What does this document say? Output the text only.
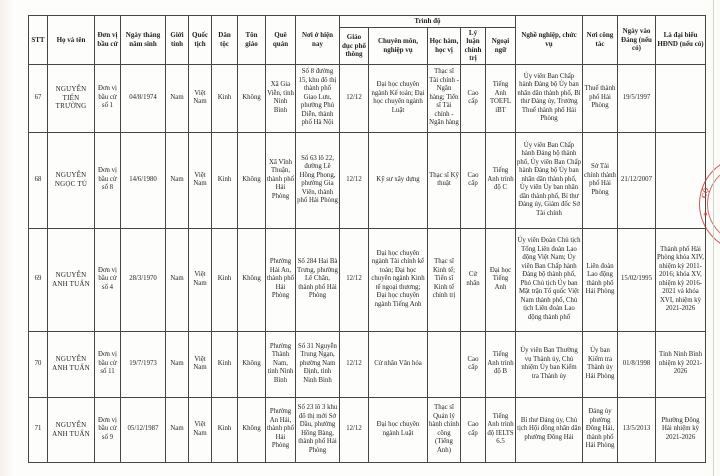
STT	Họ và tên	Đơn vị bầu cử	Ngày tháng năm sinh	Giới tính	Quốc tịch	Dân tộc	Tôn giáo	Quê quán	Nơi ở hiện nay	Trình độ					Nghề nghiệp, chức vụ	Nơi công tác	Ngày vào Đảng (nếu có)	Là đại biểu HĐND (nếu có)
										Giáo dục phổ thông	Chuyên môn, nghiệp vụ	Học hàm, học vị	Lý luận chính trị	Ngoại ngữ				
67	NGUYỄN TIẾN TRƯỜNG	Đơn vị bầu cử số 1	04/8/1974	Nam	Việt Nam	Kinh	Không	Xã Gia Viễn, tỉnh Ninh Bình	Số 8 đường 15, khu đô thị thành phố Giao Lưu, phường Phú Diễn, thành phố Hà Nội	12/12	Đại học chuyên ngành Kế toán; Đại học chuyên ngành Luật	Thạc sĩ Tài chính - Ngân hàng; Tiến sĩ Tài chính - Ngân hàng	Cao cấp	Tiếng Anh TOEFL iBT	Ủy viên Ban Chấp hành Đảng bộ Ủy ban nhân dân thành phố, Bí thư Đảng ủy, Trưởng Thuế thành phố Hải Phòng	Thuế thành phố Hải Phòng	19/5/1997	
68	NGUYỄN NGỌC TÚ	Đơn vị bầu cử số 8	14/6/1980	Nam	Việt Nam	Kinh	Không	Xã Vĩnh Thuận, thành phố Hải Phòng	Số 63 lô 22, đường Lê Hồng Phong, phường Gia Viên, thành phố Hải Phòng	12/12	Kỹ sư xây dựng	Thạc sĩ Kỹ thuật	Cao cấp	Tiếng Anh trình độ C	Ủy viên Ban Chấp hành Đảng bộ thành phố, Ủy viên Ban Chấp hành Đảng bộ Ủy ban nhân dân thành phố, Ủy viên Ủy ban nhân dân thành phố, Bí thư Đảng ủy, Giám đốc Sở Tài chính	Sở Tài chính thành phố Hải Phòng	21/12/2007	
69	NGUYỄN ANH TUẤN	Đơn vị bầu cử số 4	28/3/1970	Nam	Việt Nam	Kinh	Không	Phường Hải An, thành phố Hải Phòng	Số 284 Hai Bà Trưng, phường Lê Chân, thành phố Hải Phòng	12/12	Đại học chuyên ngành Tài chính kế toán; Đại học chuyên ngành Kinh tế ngoại thương; Đại học chuyên ngành Tiếng Anh	Thạc sĩ Kinh tế; Tiến sĩ Kinh tế chính trị	Cử nhân	Đại học Tiếng Anh	Ủy viên Đoàn Chủ tịch Tổng Liên đoàn Lao động Việt Nam; Ủy viên Ban Chấp hành Đảng bộ thành phố, Phó Chủ tịch Ủy ban Mặt trận Tổ quốc Việt Nam thành phố, Chủ tịch Liên đoàn Lao động thành phố	Liên đoàn Lao động thành phố Hải Phòng	15/02/1995	Thành phố Hải Phòng khóa XIV, nhiệm kỳ 2011-2016; khóa XV, nhiệm kỳ 2016-2021 và khóa XVI, nhiệm kỳ 2021-2026
70	NGUYỄN ANH TUẤN	Đơn vị bầu cử số 11	19/7/1973	Nam	Việt Nam	Kinh	Không	Phường Thành Nam, tỉnh Ninh Bình	Số 31 Nguyễn Trung Ngạn, phường Nam Định, tỉnh Ninh Bình	12/12	Cử nhân Văn hóa		Cao cấp	Tiếng Anh trình độ B	Ủy viên Ban Thường vụ Thành ủy, Chủ nhiệm Ủy ban Kiểm tra Thành ủy	Ủy ban Kiểm tra Thành ủy Hải Phòng	01/8/1998	Tỉnh Ninh Bình nhiệm kỳ 2021-2026
71	NGUYỄN ANH TUẤN	Đơn vị bầu cử số 9	05/12/1987	Nam	Việt Nam	Kinh	Không	Phường An Hải, thành phố Hải Phòng	Số 23 lô 3 khu đô thị mới Sở Dầu, phường Hồng Bàng, thành phố Hải Phòng	12/12	Đại học chuyên ngành Luật	Thạc sĩ Quản lý hành chính công (Tiếng Anh)	Cao cấp	Tiếng Anh trình độ IELTS 6.5	Bí thư Đảng ủy, Chủ tịch Hội đồng nhân dân phường Đông Hải	Đảng ủy phường Đông Hải, thành phố Hải Phòng	13/5/2013	Phường Đông Hải nhiệm kỳ 2021-2026
CỘ
★
